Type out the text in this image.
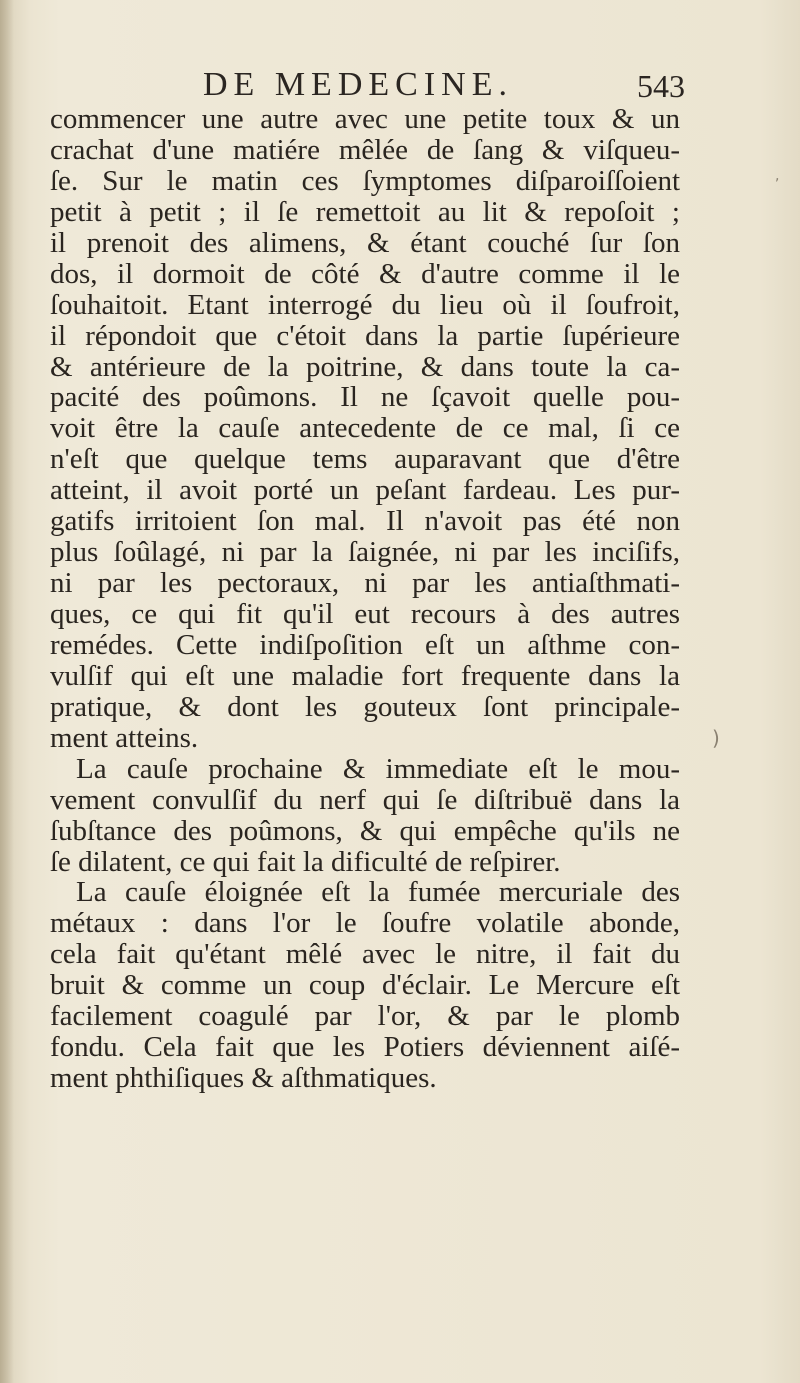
DE MEDECINE.	543
commencer une autre avec une petite toux & un
crachat d'une matiére mêlée de ſang & viſqueu-
ſe. Sur le matin ces ſymptomes diſparoiſſoient
petit à petit ; il ſe remettoit au lit & repoſoit ;
il prenoit des alimens, & étant couché ſur ſon
dos, il dormoit de côté & d'autre comme il le
ſouhaitoit. Etant interrogé du lieu où il ſoufroit,
il répondoit que c'étoit dans la partie ſupérieure
& antérieure de la poitrine, & dans toute la ca-
pacité des poûmons. Il ne ſçavoit quelle pou-
voit être la cauſe antecedente de ce mal, ſi ce
n'eſt que quelque tems auparavant que d'être
atteint, il avoit porté un peſant fardeau. Les pur-
gatifs irritoient ſon mal. Il n'avoit pas été non
plus ſoûlagé, ni par la ſaignée, ni par les inciſifs,
ni par les pectoraux, ni par les antiaſthmati-
ques, ce qui fit qu'il eut recours à des autres
remédes. Cette indiſpoſition eſt un aſthme con-
vulſif qui eſt une maladie fort frequente dans la
pratique, & dont les gouteux ſont principale-
ment atteins.
La cauſe prochaine & immediate eſt le mou-
vement convulſif du nerf qui ſe diſtribuë dans la
ſubſtance des poûmons, & qui empêche qu'ils ne
ſe dilatent, ce qui fait la dificulté de reſpirer.
La cauſe éloignée eſt la fumée mercuriale des
métaux : dans l'or le ſoufre volatile abonde,
cela fait qu'étant mêlé avec le nitre, il fait du
bruit & comme un coup d'éclair. Le Mercure eſt
facilement coagulé par l'or, & par le plomb
fondu. Cela fait que les Potiers déviennent aiſé-
ment phthiſiques & aſthmatiques.
,
)
